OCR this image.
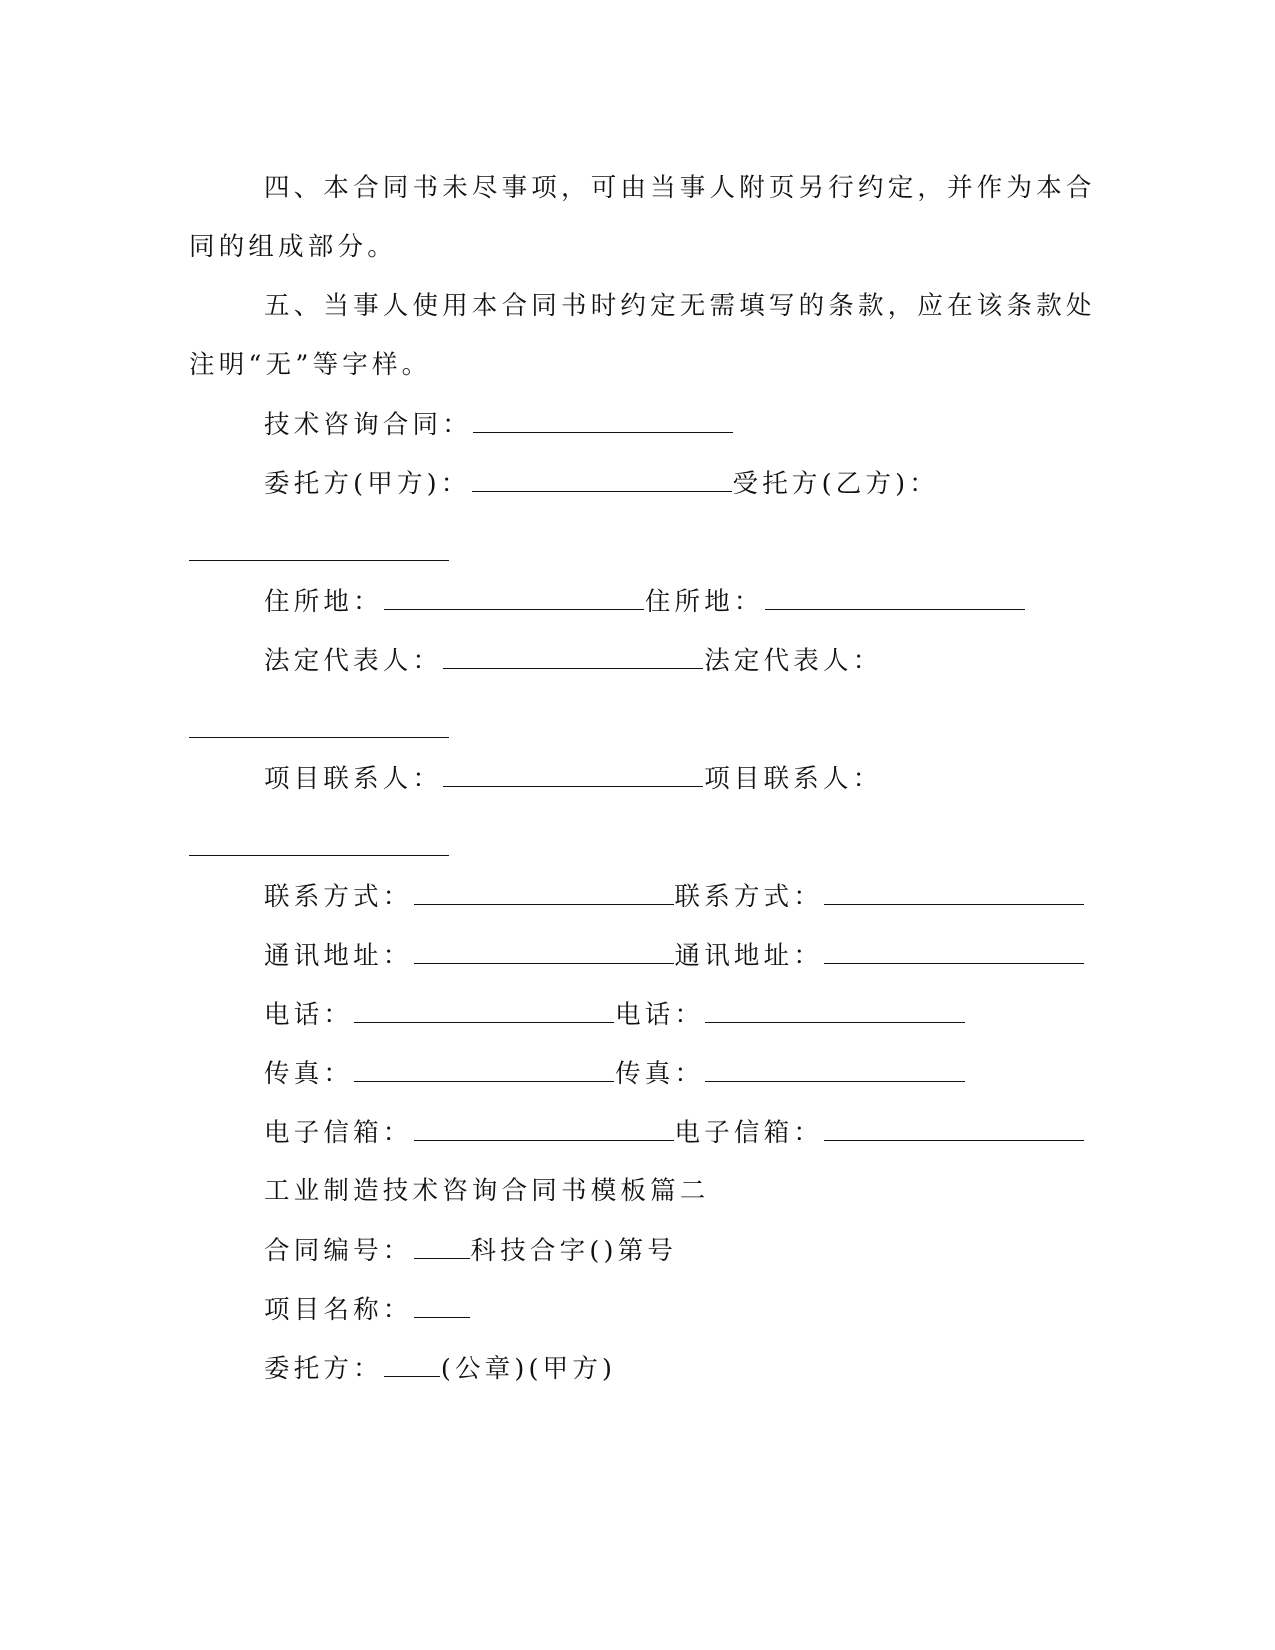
四、本合同书未尽事项，可由当事人附页另行约定，并作为本合
同的组成部分。
五、当事人使用本合同书时约定无需填写的条款，应在该条款处
注明“无”等字样。
技术咨询合同：
委托方(甲方)：	受托方(乙方)：
住所地：	住所地：
法定代表人：	法定代表人：
项目联系人：	项目联系人：
联系方式：	联系方式：
通讯地址：	通讯地址：
电话：	电话：
传真：	传真：
电子信箱：	电子信箱：
工业制造技术咨询合同书模板篇二
合同编号： 科技合字()第号
项目名称：
委托方： (公章)(甲方)
